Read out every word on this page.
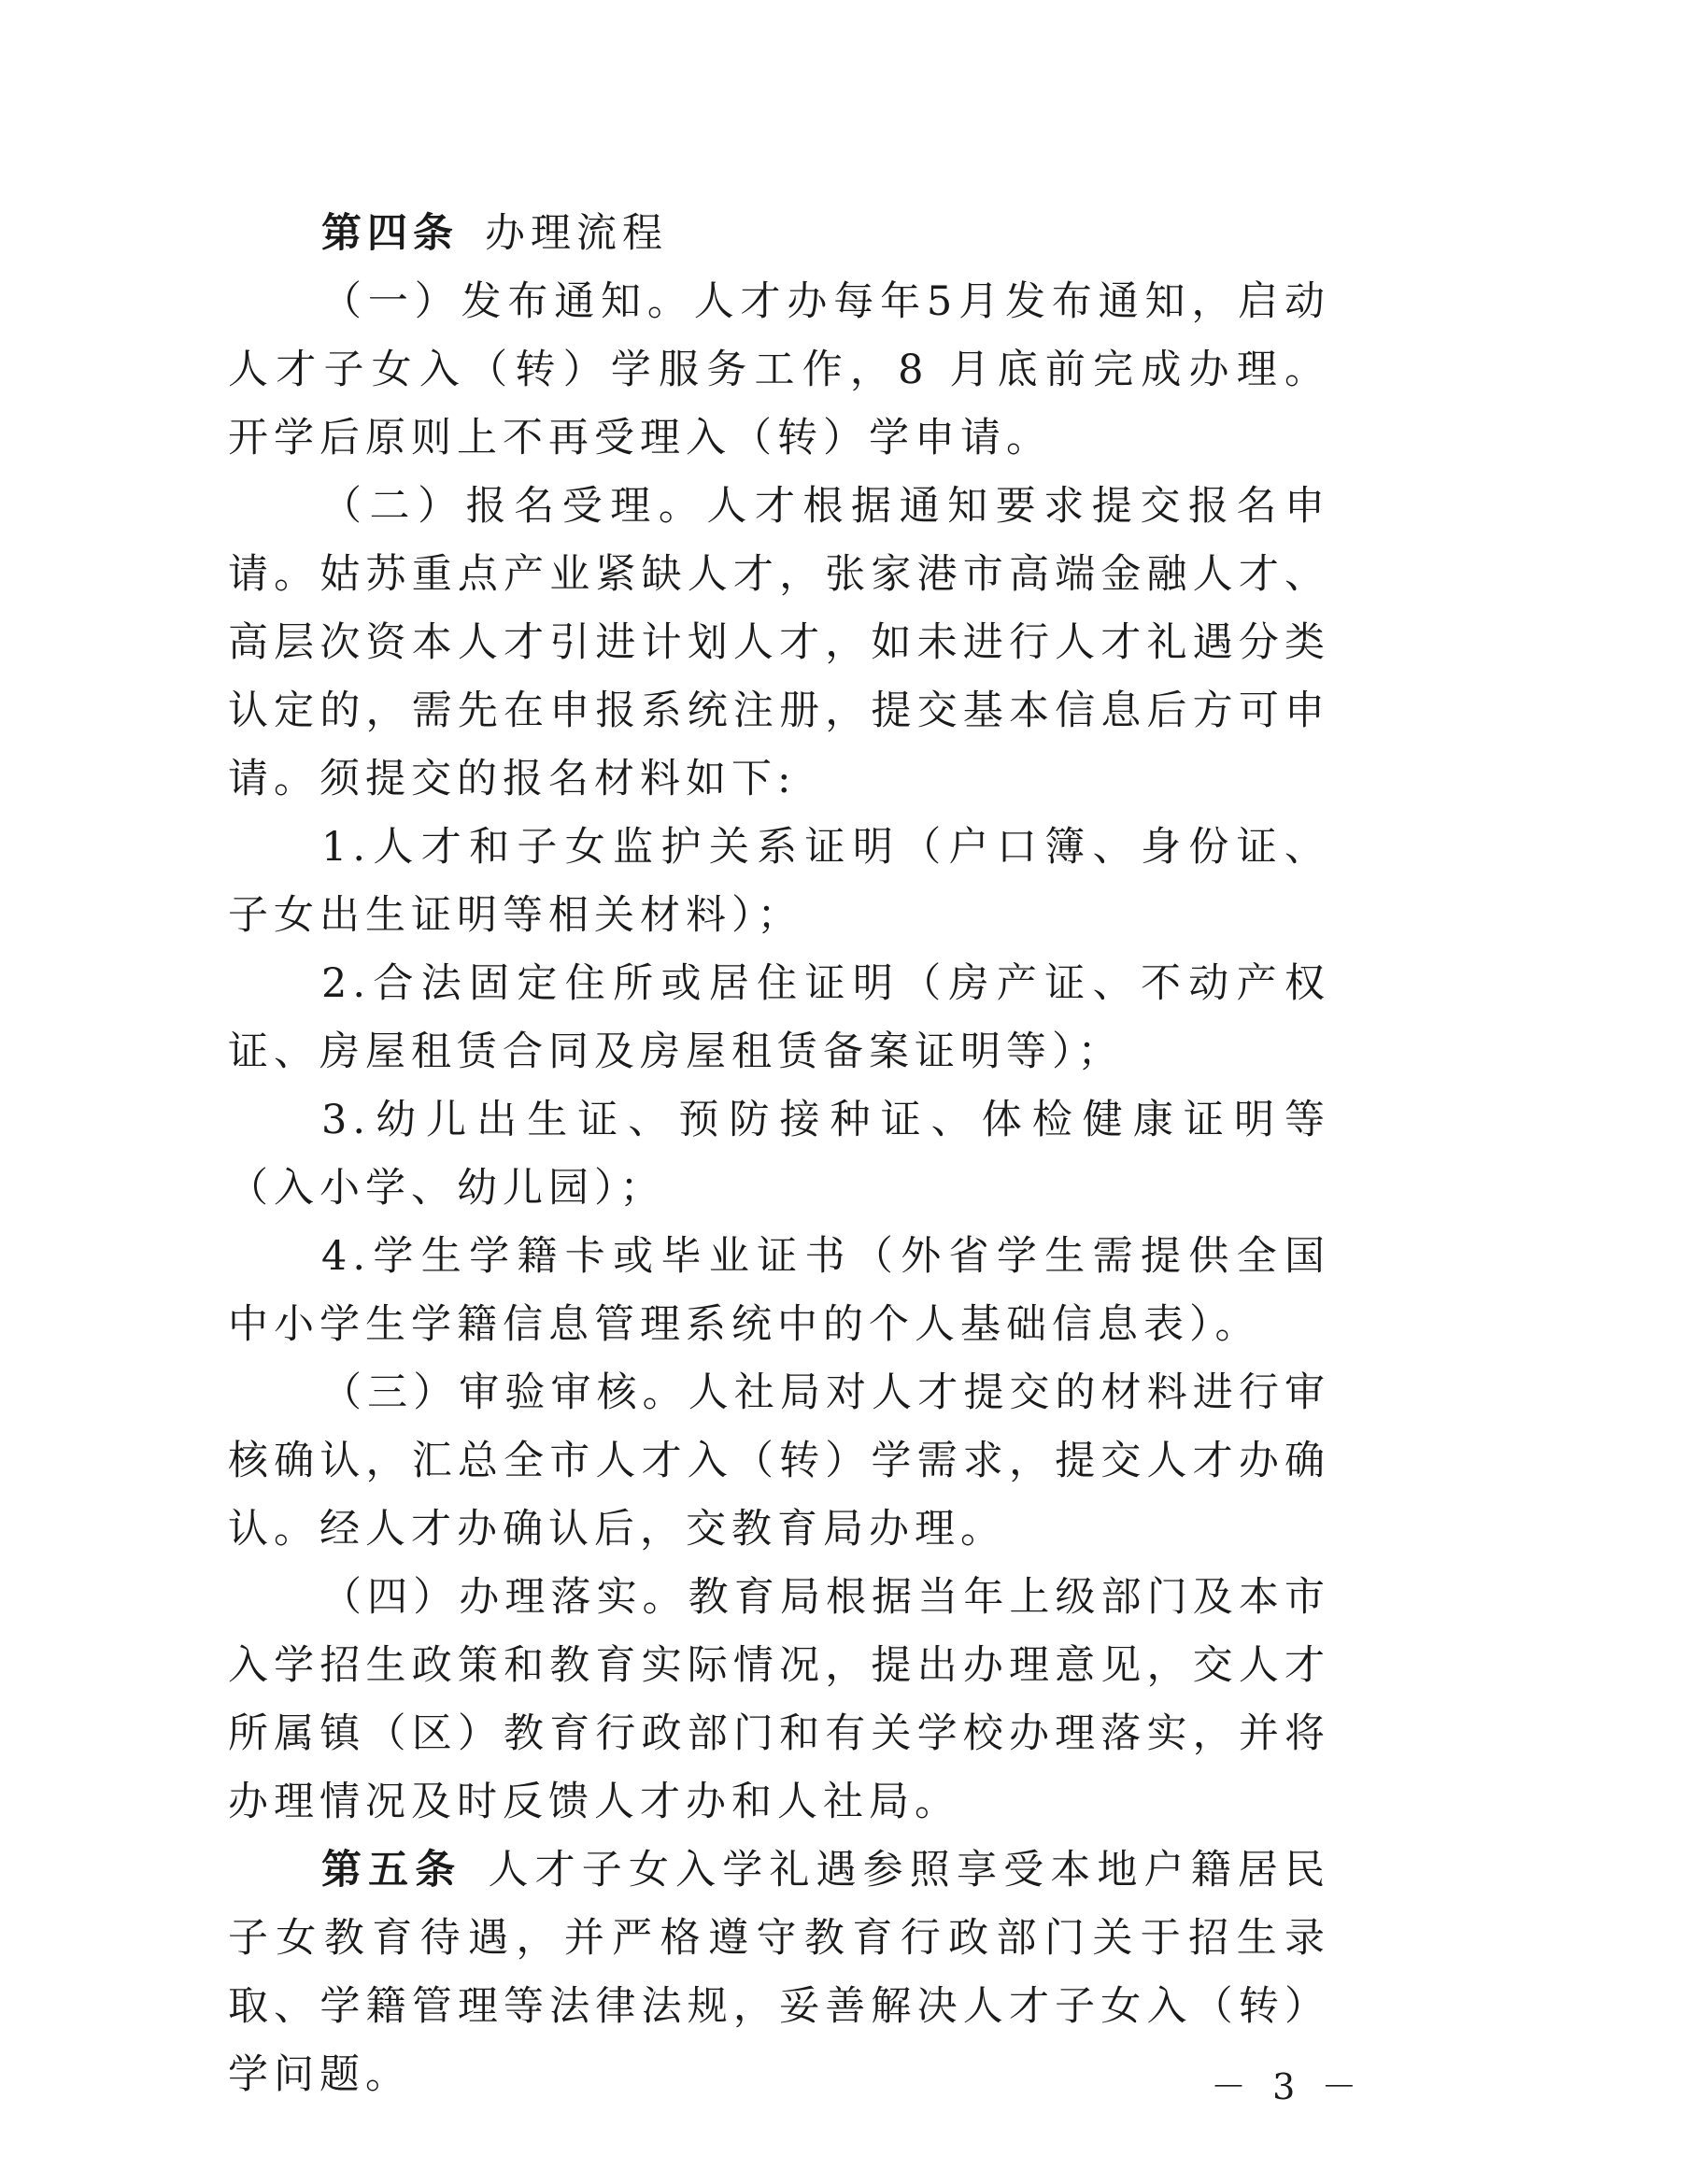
第四条 办理流程

（一）发布通知。人才办每年5月发布通知，启动人才子女入（转）学服务工作，8 月底前完成办理。开学后原则上不再受理入（转）学申请。

（二）报名受理。人才根据通知要求提交报名申请。姑苏重点产业紧缺人才，张家港市高端金融人才、高层次资本人才引进计划人才，如未进行人才礼遇分类认定的，需先在申报系统注册，提交基本信息后方可申请。须提交的报名材料如下:

1.人才和子女监护关系证明（户口簿、身份证、子女出生证明等相关材料）；

2.合法固定住所或居住证明（房产证、不动产权证、房屋租赁合同及房屋租赁备案证明等）；

3.幼儿出生证、预防接种证、体检健康证明等（入小学、幼儿园）；

4.学生学籍卡或毕业证书（外省学生需提供全国中小学生学籍信息管理系统中的个人基础信息表）。

（三）审验审核。人社局对人才提交的材料进行审核确认，汇总全市人才入（转）学需求，提交人才办确认。经人才办确认后，交教育局办理。

（四）办理落实。教育局根据当年上级部门及本市入学招生政策和教育实际情况，提出办理意见，交人才所属镇（区）教育行政部门和有关学校办理落实，并将办理情况及时反馈人才办和人社局。

第五条 人才子女入学礼遇参照享受本地户籍居民子女教育待遇，并严格遵守教育行政部门关于招生录取、学籍管理等法律法规，妥善解决人才子女入（转）学问题。	－ 3 －
